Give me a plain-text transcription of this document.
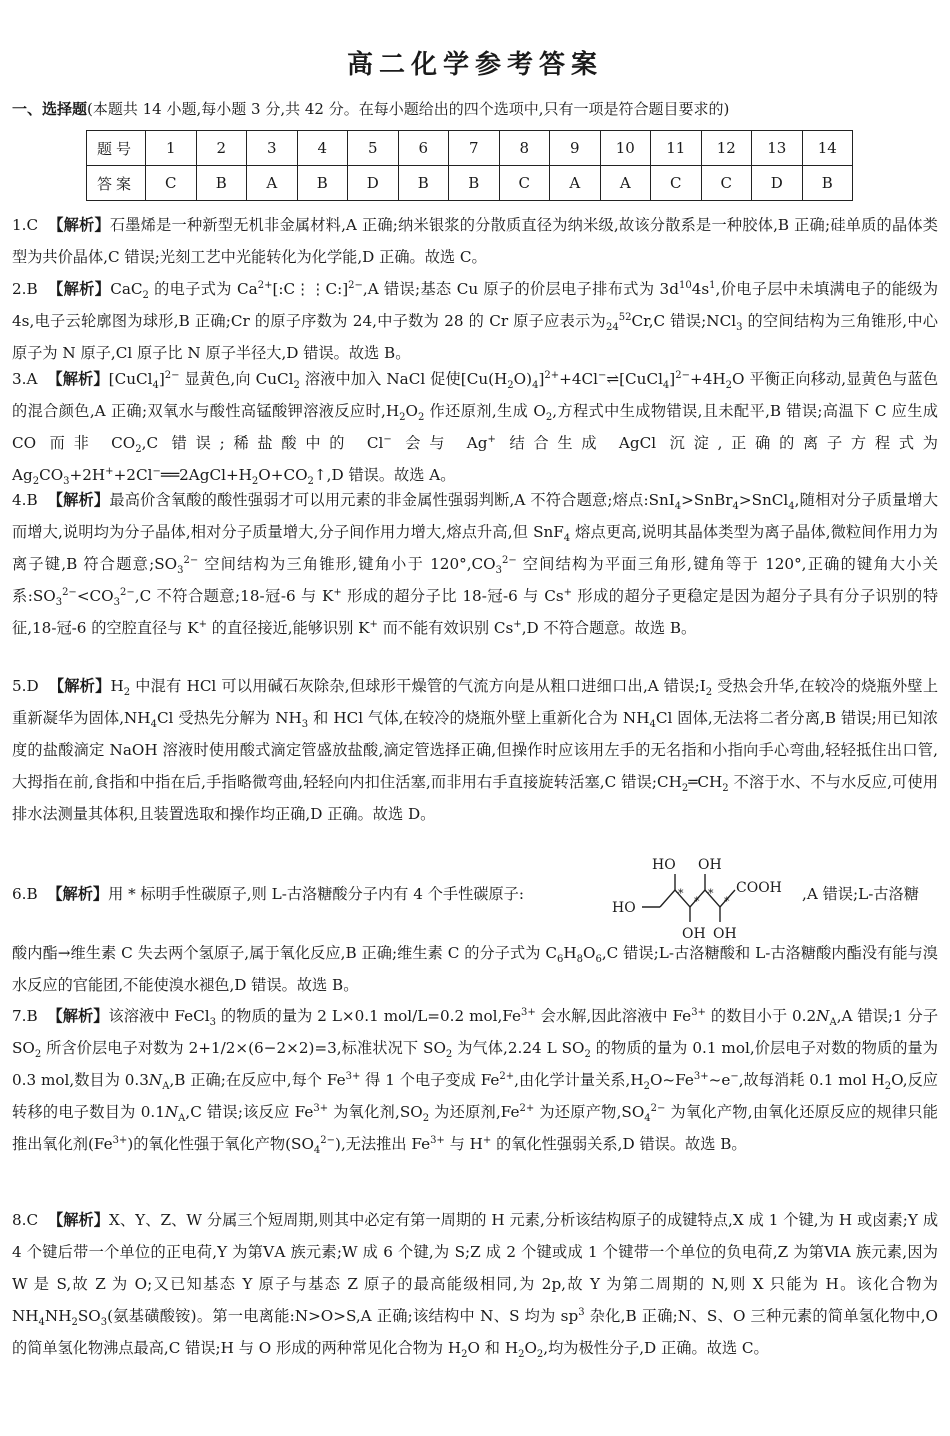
高二化学参考答案
一、选择题(本题共 14 小题,每小题 3 分,共 42 分。在每小题给出的四个选项中,只有一项是符合题目要求的)
题号	1	2	3	4	5	6	7	8	9	10	11	12	13	14
答案	C	B	A	B	D	B	B	C	A	A	C	C	D	B
1.C 【解析】石墨烯是一种新型无机非金属材料,A 正确;纳米银浆的分散质直径为纳米级,故该分散系是一种胶体,B 正确;硅单质的晶体类型为共价晶体,C 错误;光刻工艺中光能转化为化学能,D 正确。故选 C。
2.B 【解析】CaC$_2$ 的电子式为 $Ca^{2+}[:C⋮⋮C:]^{2-},A$ 错误;基态 Cu 原子的价层电子排布式为 $3d^{10}4s^1$,价电子层中未填满电子的能级为 4s,电子云轮廓图为球形,B 正确;Cr 的原子序数为 24,中子数为 28 的 Cr 原子应表示为$_{24}^{52}$Cr,C 错误;NCl$_3$ 的空间结构为三角锥形,中心原子为 N 原子,Cl 原子比 N 原子半径大,D 错误。故选 B。
3.A 【解析】[CuCl$_4$]$^{2-}$ 显黄色,向 CuCl$_2$ 溶液中加入 NaCl 促使$[Cu(H_2O)_4]^{2+}+4Cl^-\rightleftharpoons[CuCl_4]^{2-}+4H_2O$ 平衡正向移动,显黄色与蓝色的混合颜色,A 正确;双氧水与酸性高锰酸钾溶液反应时$,H_2O_2$ 作还原剂,生成 $O_2$,方程式中生成物错误,且未配平,B 错误;高温下 C 应生成 CO 而非 $CO_2,C$ 错误;稀盐酸中的 Cl− 会与 Ag+ 结合生成 AgCl 沉淀,正确的离子方程式为 $Ag_2CO_3+2H^++2Cl^-══2AgCl+H_2O+CO_2↑,D$ 错误。故选 A。
4.B 【解析】最高价含氧酸的酸性强弱才可以用元素的非金属性强弱判断,A 不符合题意;熔点:SnI$_4$>SnBr$_4$>SnCl$_4$,随相对分子质量增大而增大,说明均为分子晶体,相对分子质量增大,分子间作用力增大,熔点升高,但 SnF$_4$ 熔点更高,说明其晶体类型为离子晶体,微粒间作用力为离子键,B 符合题意$;SO_3^{2-}$ 空间结构为三角锥形,键角小于 $120^\circ,CO_3^{2-}$ 空间结构为平面三角形,键角等于 120°,正确的键角大小关系$:SO_3^{2-}<CO_3^{2-},C$ 不符合题意;18-冠-6 与 K+ 形成的超分子比 18-冠-6 与 Cs+ 形成的超分子更稳定是因为超分子具有分子识别的特征,18-冠-6 的空腔直径与 K+ 的直径接近,能够识别 K+ 而不能有效识别 Cs+,D 不符合题意。故选 B。
5.D 【解析】$H_2$ 中混有 HCl 可以用碱石灰除杂,但球形干燥管的气流方向是从粗口进细口出,A 错误$;I_2$ 受热会升华,在较冷的烧瓶外壁上重新凝华为固体$,NH_4Cl$ 受热先分解为 $NH_3$ 和 HCl 气体,在较冷的烧瓶外壁上重新化合为 $NH_4Cl$ 固体,无法将二者分离,B 错误;用已知浓度的盐酸滴定 NaOH 溶液时使用酸式滴定管盛放盐酸,滴定管选择正确,但操作时应该用左手的无名指和小指向手心弯曲,轻轻抵住出口管,大拇指在前,食指和中指在后,手指略微弯曲,轻轻向内扣住活塞,而非用右手直接旋转活塞,C 错误$;CH_2═CH_2$ 不溶于水、不与水反应,可使用排水法测量其体积,且装置选取和操作均正确,D 正确。故选 D。
6.B 【解析】用 * 标明手性碳原子,则 L-古洛糖酸分子内有 4 个手性碳原子:	,A 错误;L-古洛糖
HO
HO OH
COOH
OH OH
*
*
*
*
酸内酯→维生素 C 失去两个氢原子,属于氧化反应,B 正确;维生素 C 的分子式为 $C_6H_8O_6,C$ 错误;L-古洛糖酸和 L-古洛糖酸内酯没有能与溴水反应的官能团,不能使溴水褪色,D 错误。故选 B。
7.B 【解析】该溶液中 FeCl$_3$ 的物质的量为 2 L×0.1 mol/L=0.2 $mol,Fe^{3+}$ 会水解,因此溶液中 $Fe^{3+}$ 的数目小于 $0.2N_A,A$ 错误;1 分子 $SO_2$ 所含价层电子对数为 2+1/2×(6−2×2)=3,标准状况下 $SO_2$ 为气体,2.24 L $SO_2$ 的物质的量为 0.1 mol,价层电子对数的物质的量为 0.3 mol,数目为 $0.3N_A,B$ 正确;在反应中,每个 $Fe^{3+}$ 得 1 个电子变成 $Fe^{2+}$,由化学计量关系$,H_2O\sim Fe^{3+}\sim e^-$,故每消耗 0.1 mol $H_2O$,反应转移的电子数目为 $0.1N_A,C$ 错误;该反应 $Fe^{3+}$ 为氧化剂$,SO_2$ 为还原剂$,Fe^{2+}$ 为还原产物$,SO_4^{2-}$ 为氧化产物,由氧化还原反应的规律只能推出氧化剂$(Fe^{3+})$的氧化性强于氧化产物$(SO_4^{2-})$,无法推出 $Fe^{3+}$ 与 H+ 的氧化性强弱关系,D 错误。故选 B。
8.C 【解析】X、Y、Z、W 分属三个短周期,则其中必定有第一周期的 H 元素,分析该结构原子的成键特点,X 成 1 个键,为 H 或卤素;Y 成 4 个键后带一个单位的正电荷,Y 为第ⅤA 族元素;W 成 6 个键,为 S;Z 成 2 个键或成 1 个键带一个单位的负电荷,Z 为第ⅥA 族元素,因为 W 是 S,故 Z 为 O;又已知基态 Y 原子与基态 Z 原子的最高能级相同,为 2p,故 Y 为第二周期的 N,则 X 只能为 H。该化合物为 $NH_4NH_2SO_3$(氨基磺酸铵)。第一电离能:N>O>S,A 正确;该结构中 N、S 均为 $sp^3$ 杂化,B 正确;N、S、O 三种元素的简单氢化物中,O 的简单氢化物沸点最高,C 错误;H 与 O 形成的两种常见化合物为 $H_2O$ 和 $H_2O_2$,均为极性分子,D 正确。故选 C。
